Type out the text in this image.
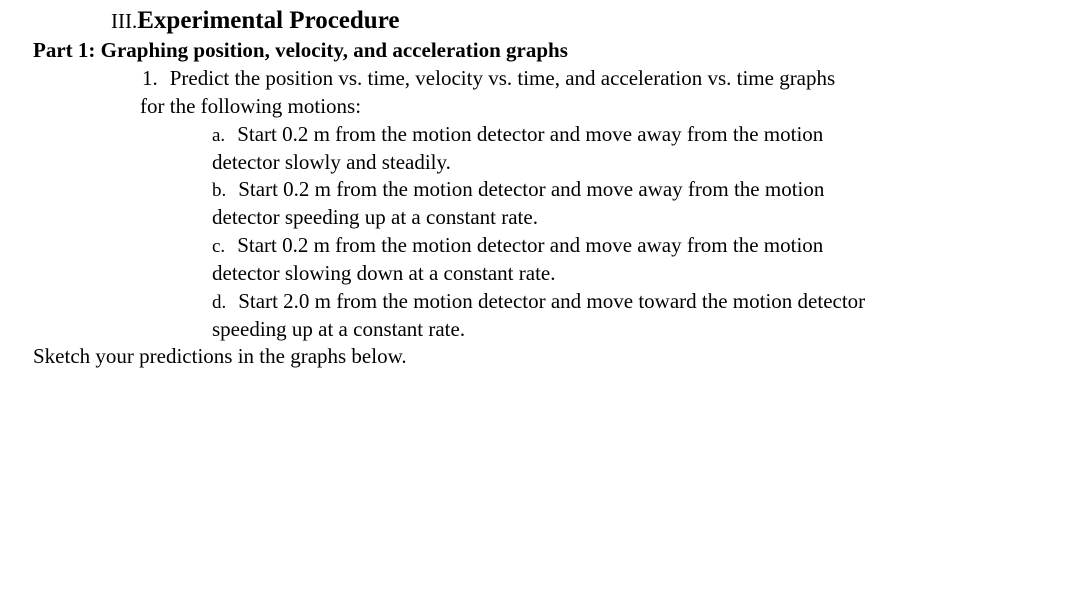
III.Experimental Procedure
Part 1: Graphing position, velocity, and acceleration graphs
1. Predict the position vs. time, velocity vs. time, and acceleration vs. time graphs
for the following motions:
a. Start 0.2 m from the motion detector and move away from the motion
detector slowly and steadily.
b. Start 0.2 m from the motion detector and move away from the motion
detector speeding up at a constant rate.
c. Start 0.2 m from the motion detector and move away from the motion
detector slowing down at a constant rate.
d. Start 2.0 m from the motion detector and move toward the motion detector
speeding up at a constant rate.
Sketch your predictions in the graphs below.
